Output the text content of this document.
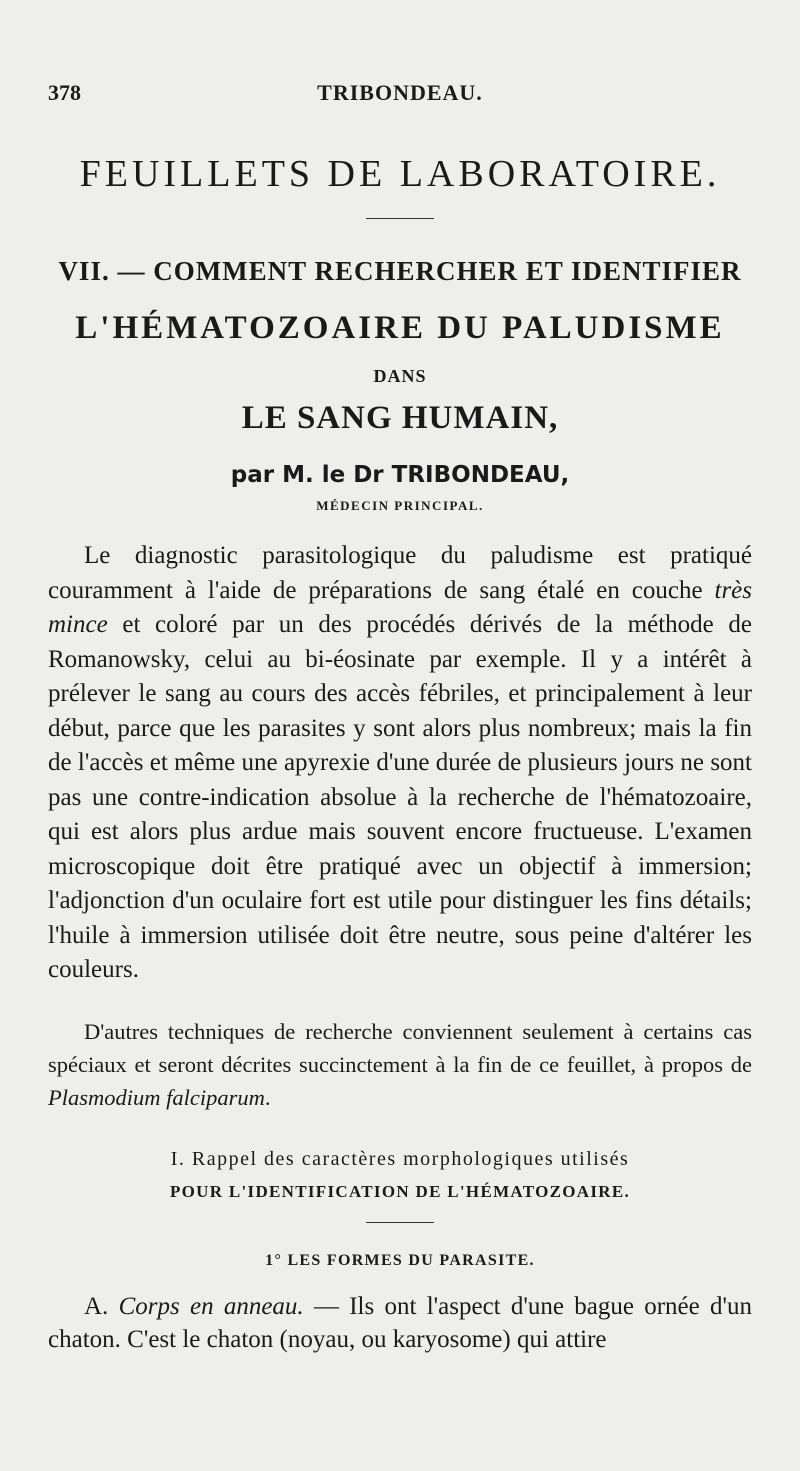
378	TRIBONDEAU.
FEUILLETS DE LABORATOIRE.
VII. — COMMENT RECHERCHER ET IDENTIFIER
L'HÉMATOZOAIRE DU PALUDISME
DANS
LE SANG HUMAIN,
par M. le Dr TRIBONDEAU,
MÉDECIN PRINCIPAL.
Le diagnostic parasitologique du paludisme est pratiqué couramment à l'aide de préparations de sang étalé en couche très mince et coloré par un des procédés dérivés de la méthode de Romanowsky, celui au bi-éosinate par exemple. Il y a intérêt à prélever le sang au cours des accès fébriles, et principalement à leur début, parce que les parasites y sont alors plus nombreux; mais la fin de l'accès et même une apyrexie d'une durée de plusieurs jours ne sont pas une contre-indication absolue à la recherche de l'hématozoaire, qui est alors plus ardue mais souvent encore fructueuse. L'examen microscopique doit être pratiqué avec un objectif à immersion; l'adjonction d'un oculaire fort est utile pour distinguer les fins détails; l'huile à immersion utilisée doit être neutre, sous peine d'altérer les couleurs.
D'autres techniques de recherche conviennent seulement à certains cas spéciaux et seront décrites succinctement à la fin de ce feuillet, à propos de Plasmodium falciparum.
I. Rappel des caractères morphologiques utilisés
POUR L'IDENTIFICATION DE L'HÉMATOZOAIRE.
1° LES FORMES DU PARASITE.
A. Corps en anneau. — Ils ont l'aspect d'une bague ornée d'un chaton. C'est le chaton (noyau, ou karyosome) qui attire
